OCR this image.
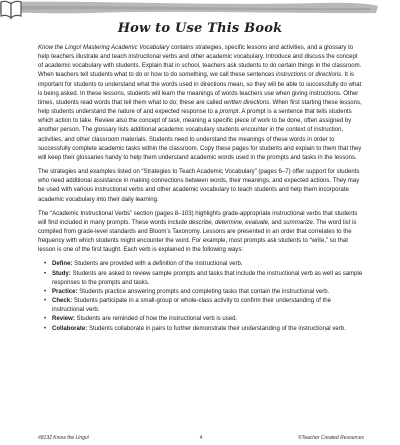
How to Use This Book

Know the Lingo! Mastering Academic Vocabulary contains strategies, specific lessons and activities, and a glossary to help teachers illustrate and teach instructional verbs and other academic vocabulary. Introduce and discuss the concept of academic vocabulary with students. Explain that in school, teachers ask students to do certain things in the classroom. When teachers tell students what to do or how to do something, we call these sentences instructions or directions. It is important for students to understand what the words used in directions mean, so they will be able to successfully do what is being asked. In these lessons, students will learn the meanings of words teachers use when giving instructions. Other times, students read words that tell them what to do; these are called written directions. When first starting these lessons, help students understand the nature of and expected response to a prompt. A prompt is a sentence that tells students which action to take. Review also the concept of task, meaning a specific piece of work to be done, often assigned by another person. The glossary lists additional academic vocabulary students encounter in the context of instruction, activities, and other classroom materials. Students need to understand the meanings of these words in order to successfully complete academic tasks within the classroom. Copy these pages for students and explain to them that they will keep their glossaries handy to help them understand academic words used in the prompts and tasks in the lessons.

The strategies and examples listed on “Strategies to Teach Academic Vocabulary” (pages 6–7) offer support for students who need additional assistance in making connections between words, their meanings, and expected actions. They may be used with various instructional verbs and other academic vocabulary to teach students and help them incorporate academic vocabulary into their daily learning.

The “Academic Instructional Verbs” section (pages 8–103) highlights grade-appropriate instructional verbs that students will find included in many prompts. These words include describe, determine, evaluate, and summarize. The word list is compiled from grade-level standards and Bloom’s Taxonomy. Lessons are presented in an order that correlates to the frequency with which students might encounter the word. For example, most prompts ask students to “write,” so that lesson is one of the first taught. Each verb is explained in the following ways:

• Define: Students are provided with a definition of the instructional verb.
• Study: Students are asked to review sample prompts and tasks that include the instructional verb as well as sample responses to the prompts and tasks.
• Practice: Students practice answering prompts and completing tasks that contain the instructional verb.
• Check: Students participate in a small-group or whole-class activity to confirm their understanding of the instructional verb.
• Review: Students are reminded of how the instructional verb is used.
• Collaborate: Students collaborate in pairs to further demonstrate their understanding of the instructional verb.
#8132 Know the Lingo!	4	©Teacher Created Resources
